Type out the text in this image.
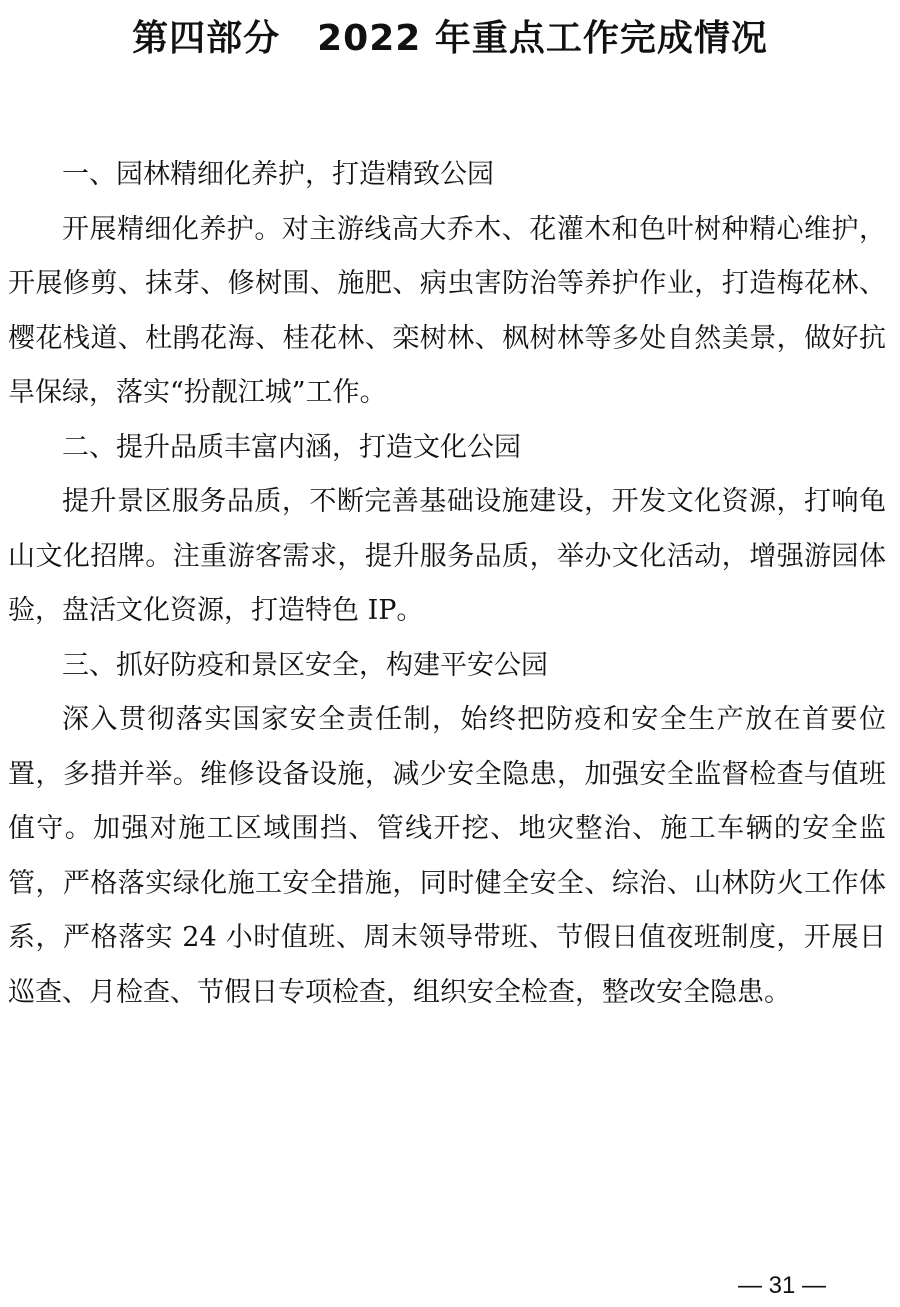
第四部分　2022 年重点工作完成情况

一、园林精细化养护，打造精致公园

开展精细化养护。对主游线高大乔木、花灌木和色叶树种精心维护，开展修剪、抹芽、修树围、施肥、病虫害防治等养护作业，打造梅花林、樱花栈道、杜鹃花海、桂花林、栾树林、枫树林等多处自然美景，做好抗旱保绿，落实“扮靓江城”工作。

二、提升品质丰富内涵，打造文化公园

提升景区服务品质，不断完善基础设施建设，开发文化资源，打响龟山文化招牌。注重游客需求，提升服务品质，举办文化活动，增强游园体验，盘活文化资源，打造特色 IP。

三、抓好防疫和景区安全，构建平安公园

深入贯彻落实国家安全责任制，始终把防疫和安全生产放在首要位置，多措并举。维修设备设施，减少安全隐患，加强安全监督检查与值班值守。加强对施工区域围挡、管线开挖、地灾整治、施工车辆的安全监管，严格落实绿化施工安全措施，同时健全安全、综治、山林防火工作体系，严格落实 24 小时值班、周末领导带班、节假日值夜班制度，开展日巡查、月检查、节假日专项检查，组织安全检查，整改安全隐患。

— 31 —
